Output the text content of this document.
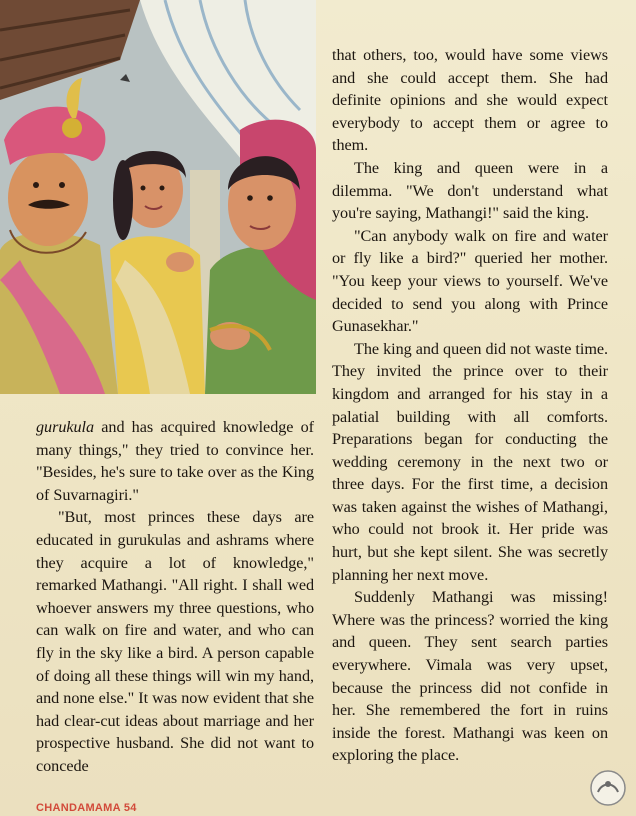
gurukula and has acquired knowledge of many things," they tried to convince her. "Besides, he's sure to take over as the King of Suvarnagiri."

"But, most princes these days are educated in gurukulas and ashrams where they acquire a lot of knowledge," remarked Mathangi. "All right. I shall wed whoever answers my three questions, who can walk on fire and water, and who can fly in the sky like a bird. A person capable of doing all these things will win my hand, and none else." It was now evident that she had clear-cut ideas about marriage and her prospective husband. She did not want to concede

that others, too, would have some views and she could accept them. She had definite opinions and she would expect everybody to accept them or agree to them.

The king and queen were in a dilemma. "We don't understand what you're saying, Mathangi!" said the king.

"Can anybody walk on fire and water or fly like a bird?" queried her mother. "You keep your views to yourself. We've decided to send you along with Prince Gunasekhar."

The king and queen did not waste time. They invited the prince over to their kingdom and arranged for his stay in a palatial building with all comforts. Preparations began for conducting the wedding ceremony in the next two or three days. For the first time, a decision was taken against the wishes of Mathangi, who could not brook it. Her pride was hurt, but she kept silent. She was secretly planning her next move.

Suddenly Mathangi was missing! Where was the princess? worried the king and queen. They sent search parties everywhere. Vimala was very upset, because the princess did not confide in her. She remembered the fort in ruins inside the forest. Mathangi was keen on exploring the place.

CHANDAMAMA 54
